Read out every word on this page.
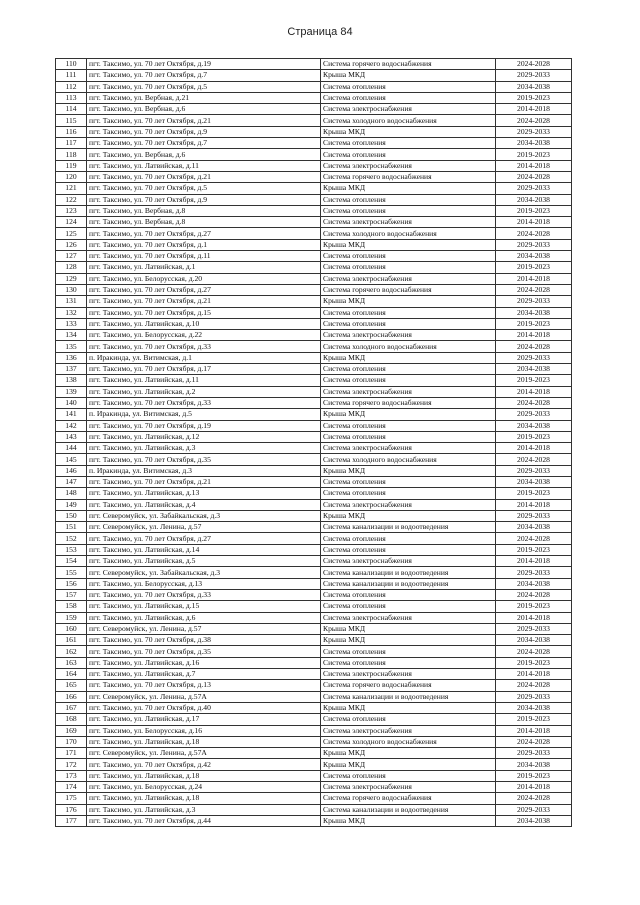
Страница 84
110	пгт. Таксимо, ул. 70 лет Октября, д.19	Система горячего водоснабжения	2024-2028
111	пгт. Таксимо, ул. 70 лет Октября, д.7	Крыша МКД	2029-2033
112	пгт. Таксимо, ул. 70 лет Октября, д.5	Система отопления	2034-2038
113	пгт. Таксимо, ул. Вербная, д.21	Система отопления	2019-2023
114	пгт. Таксимо, ул. Вербная, д.6	Система электроснабжения	2014-2018
115	пгт. Таксимо, ул. 70 лет Октября, д.21	Система холодного водоснабжения	2024-2028
116	пгт. Таксимо, ул. 70 лет Октября, д.9	Крыша МКД	2029-2033
117	пгт. Таксимо, ул. 70 лет Октября, д.7	Система отопления	2034-2038
118	пгт. Таксимо, ул. Вербная, д.6	Система отопления	2019-2023
119	пгт. Таксимо, ул. Латвийская, д.11	Система электроснабжения	2014-2018
120	пгт. Таксимо, ул. 70 лет Октября, д.21	Система горячего водоснабжения	2024-2028
121	пгт. Таксимо, ул. 70 лет Октября, д.5	Крыша МКД	2029-2033
122	пгт. Таксимо, ул. 70 лет Октября, д.9	Система отопления	2034-2038
123	пгт. Таксимо, ул. Вербная, д.8	Система отопления	2019-2023
124	пгт. Таксимо, ул. Вербная, д.8	Система электроснабжения	2014-2018
125	пгт. Таксимо, ул. 70 лет Октября, д.27	Система холодного водоснабжения	2024-2028
126	пгт. Таксимо, ул. 70 лет Октября, д.1	Крыша МКД	2029-2033
127	пгт. Таксимо, ул. 70 лет Октября, д.11	Система отопления	2034-2038
128	пгт. Таксимо, ул. Латвийская, д.1	Система отопления	2019-2023
129	пгт. Таксимо, ул. Белорусская, д.20	Система электроснабжения	2014-2018
130	пгт. Таксимо, ул. 70 лет Октября, д.27	Система горячего водоснабжения	2024-2028
131	пгт. Таксимо, ул. 70 лет Октября, д.21	Крыша МКД	2029-2033
132	пгт. Таксимо, ул. 70 лет Октября, д.15	Система отопления	2034-2038
133	пгт. Таксимо, ул. Латвийская, д.10	Система отопления	2019-2023
134	пгт. Таксимо, ул. Белорусская, д.22	Система электроснабжения	2014-2018
135	пгт. Таксимо, ул. 70 лет Октября, д.33	Система холодного водоснабжения	2024-2028
136	п. Иракинда, ул. Витимская, д.1	Крыша МКД	2029-2033
137	пгт. Таксимо, ул. 70 лет Октября, д.17	Система отопления	2034-2038
138	пгт. Таксимо, ул. Латвийская, д.11	Система отопления	2019-2023
139	пгт. Таксимо, ул. Латвийская, д.2	Система электроснабжения	2014-2018
140	пгт. Таксимо, ул. 70 лет Октября, д.33	Система горячего водоснабжения	2024-2028
141	п. Иракинда, ул. Витимская, д.5	Крыша МКД	2029-2033
142	пгт. Таксимо, ул. 70 лет Октября, д.19	Система отопления	2034-2038
143	пгт. Таксимо, ул. Латвийская, д.12	Система отопления	2019-2023
144	пгт. Таксимо, ул. Латвийская, д.3	Система электроснабжения	2014-2018
145	пгт. Таксимо, ул. 70 лет Октября, д.35	Система холодного водоснабжения	2024-2028
146	п. Иракинда, ул. Витимская, д.3	Крыша МКД	2029-2033
147	пгт. Таксимо, ул. 70 лет Октября, д.21	Система отопления	2034-2038
148	пгт. Таксимо, ул. Латвийская, д.13	Система отопления	2019-2023
149	пгт. Таксимо, ул. Латвийская, д.4	Система электроснабжения	2014-2018
150	пгт. Северомуйск, ул. Забайкальская, д.3	Крыша МКД	2029-2033
151	пгт. Северомуйск, ул. Ленина, д.57	Система канализации и водоотведения	2034-2038
152	пгт. Таксимо, ул. 70 лет Октября, д.27	Система отопления	2024-2028
153	пгт. Таксимо, ул. Латвийская, д.14	Система отопления	2019-2023
154	пгт. Таксимо, ул. Латвийская, д.5	Система электроснабжения	2014-2018
155	пгт. Северомуйск, ул. Забайкальская, д.3	Система канализации и водоотведения	2029-2033
156	пгт. Таксимо, ул. Белорусская, д.13	Система канализации и водоотведения	2034-2038
157	пгт. Таксимо, ул. 70 лет Октября, д.33	Система отопления	2024-2028
158	пгт. Таксимо, ул. Латвийская, д.15	Система отопления	2019-2023
159	пгт. Таксимо, ул. Латвийская, д.6	Система электроснабжения	2014-2018
160	пгт. Северомуйск, ул. Ленина, д.57	Крыша МКД	2029-2033
161	пгт. Таксимо, ул. 70 лет Октября, д.38	Крыша МКД	2034-2038
162	пгт. Таксимо, ул. 70 лет Октября, д.35	Система отопления	2024-2028
163	пгт. Таксимо, ул. Латвийская, д.16	Система отопления	2019-2023
164	пгт. Таксимо, ул. Латвийская, д.7	Система электроснабжения	2014-2018
165	пгт. Таксимо, ул. 70 лет Октября, д.13	Система горячего водоснабжения	2024-2028
166	пгт. Северомуйск, ул. Ленина, д.57А	Система канализации и водоотведения	2029-2033
167	пгт. Таксимо, ул. 70 лет Октября, д.40	Крыша МКД	2034-2038
168	пгт. Таксимо, ул. Латвийская, д.17	Система отопления	2019-2023
169	пгт. Таксимо, ул. Белорусская, д.16	Система электроснабжения	2014-2018
170	пгт. Таксимо, ул. Латвийская, д.18	Система холодного водоснабжения	2024-2028
171	пгт. Северомуйск, ул. Ленина, д.57А	Крыша МКД	2029-2033
172	пгт. Таксимо, ул. 70 лет Октября, д.42	Крыша МКД	2034-2038
173	пгт. Таксимо, ул. Латвийская, д.18	Система отопления	2019-2023
174	пгт. Таксимо, ул. Белорусская, д.24	Система электроснабжения	2014-2018
175	пгт. Таксимо, ул. Латвийская, д.18	Система горячего водоснабжения	2024-2028
176	пгт. Таксимо, ул. Латвийская, д.3	Система канализации и водоотведения	2029-2033
177	пгт. Таксимо, ул. 70 лет Октября, д.44	Крыша МКД	2034-2038
